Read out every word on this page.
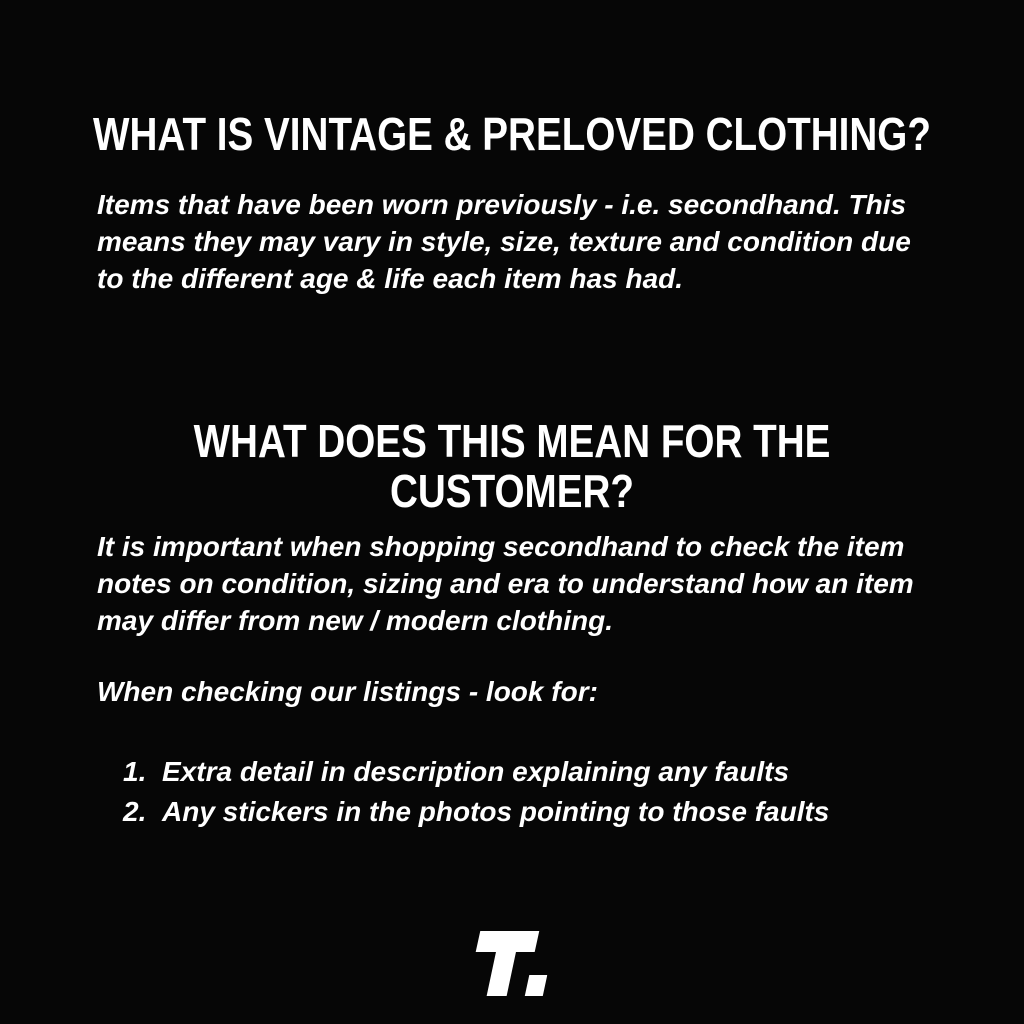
WHAT IS VINTAGE & PRELOVED CLOTHING?
Items that have been worn previously - i.e. secondhand. This
means they may vary in style, size, texture and condition due
to the different age & life each item has had.
WHAT DOES THIS MEAN FOR THE
CUSTOMER?
It is important when shopping secondhand to check the item
notes on condition, sizing and era to understand how an item
may differ from new / modern clothing.
When checking our listings - look for:
1. Extra detail in description explaining any faults
2. Any stickers in the photos pointing to those faults
